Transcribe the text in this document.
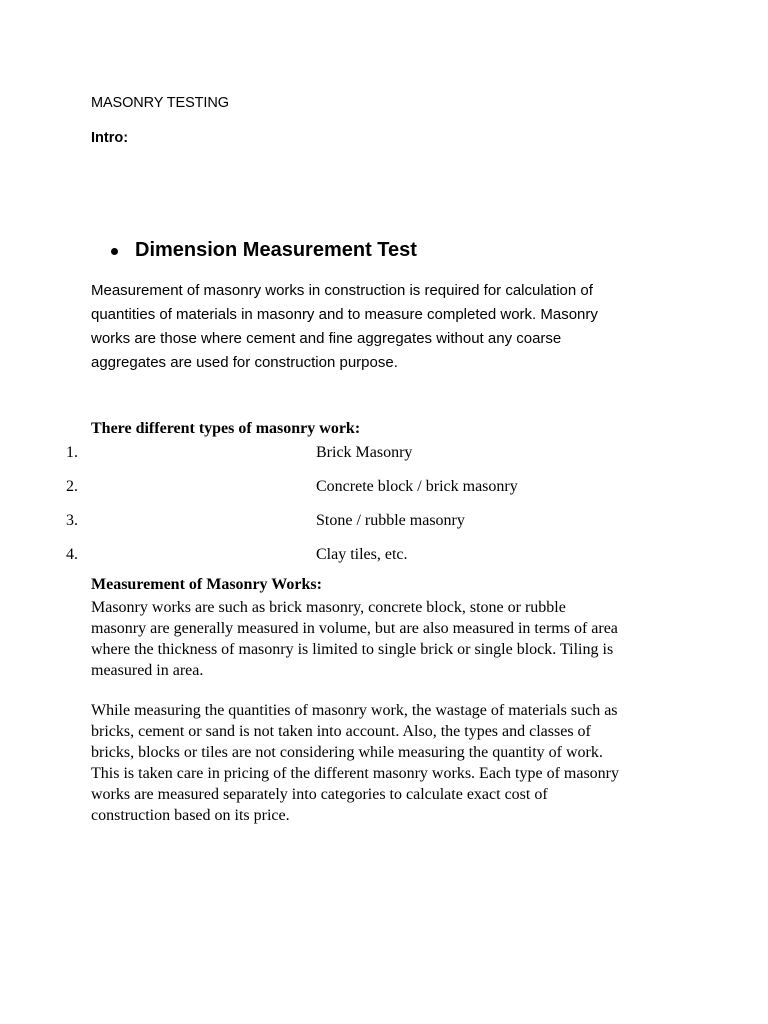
MASONRY TESTING
Intro:
Dimension Measurement Test
Measurement of masonry works in construction is required for calculation of
quantities of materials in masonry and to measure completed work. Masonry
works are those where cement and fine aggregates without any coarse
aggregates are used for construction purpose.
There different types of masonry work:
1.	Brick Masonry
2.	Concrete block / brick masonry
3.	Stone / rubble masonry
4.	Clay tiles, etc.
Measurement of Masonry Works:
Masonry works are such as brick masonry, concrete block, stone or rubble
masonry are generally measured in volume, but are also measured in terms of area
where the thickness of masonry is limited to single brick or single block. Tiling is
measured in area.
While measuring the quantities of masonry work, the wastage of materials such as
bricks, cement or sand is not taken into account. Also, the types and classes of
bricks, blocks or tiles are not considering while measuring the quantity of work.
This is taken care in pricing of the different masonry works. Each type of masonry
works are measured separately into categories to calculate exact cost of
construction based on its price.
